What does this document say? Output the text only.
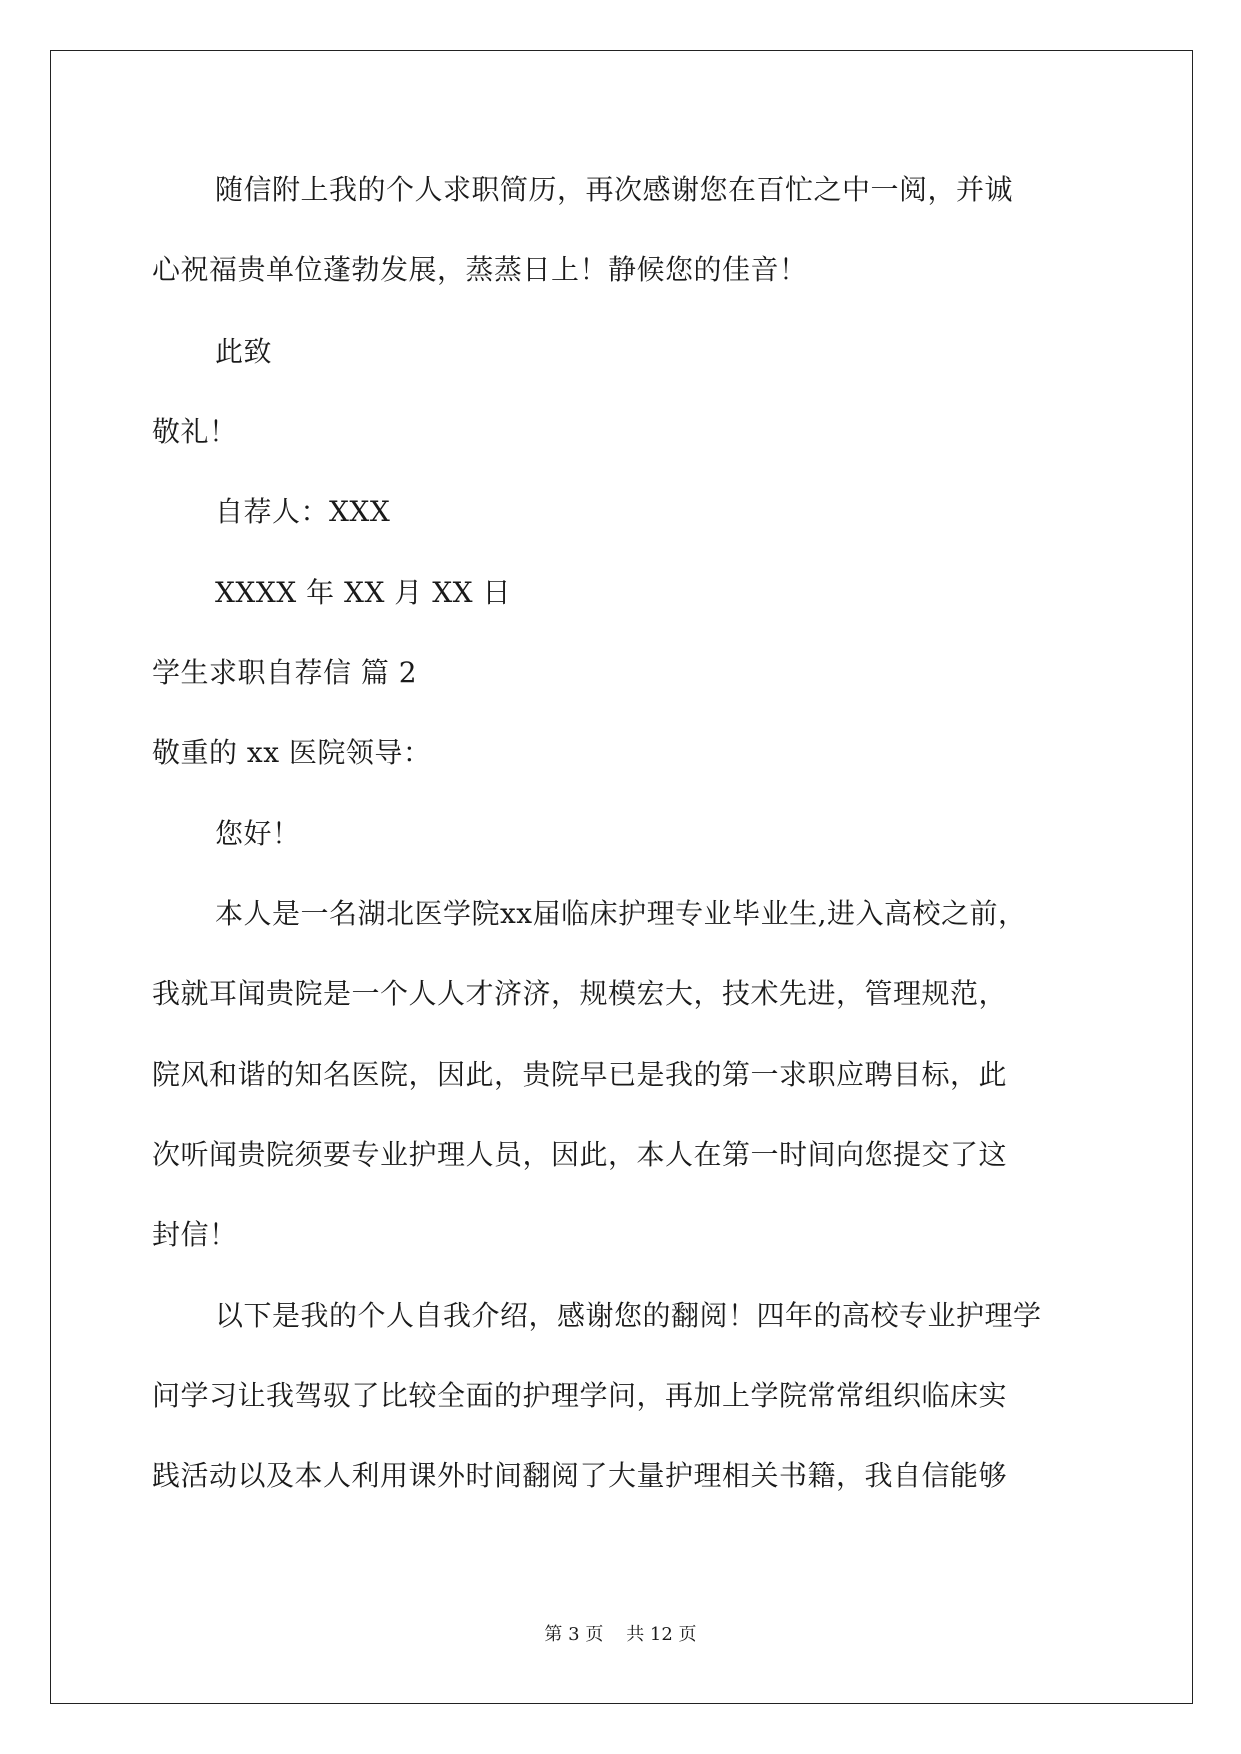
随信附上我的个人求职简历，再次感谢您在百忙之中一阅，并诚
心祝福贵单位蓬勃发展，蒸蒸日上！静候您的佳音！
此致
敬礼！
自荐人：XXX
XXXX 年 XX 月 XX 日
学生求职自荐信 篇 2
敬重的 xx 医院领导：
您好！
本人是一名湖北医学院xx届临床护理专业毕业生,进入高校之前，
我就耳闻贵院是一个人人才济济，规模宏大，技术先进，管理规范，
院风和谐的知名医院，因此，贵院早已是我的第一求职应聘目标，此
次听闻贵院须要专业护理人员，因此，本人在第一时间向您提交了这
封信！
以下是我的个人自我介绍，感谢您的翻阅！四年的高校专业护理学
问学习让我驾驭了比较全面的护理学问，再加上学院常常组织临床实
践活动以及本人利用课外时间翻阅了大量护理相关书籍，我自信能够
第 3 页    共 12 页
